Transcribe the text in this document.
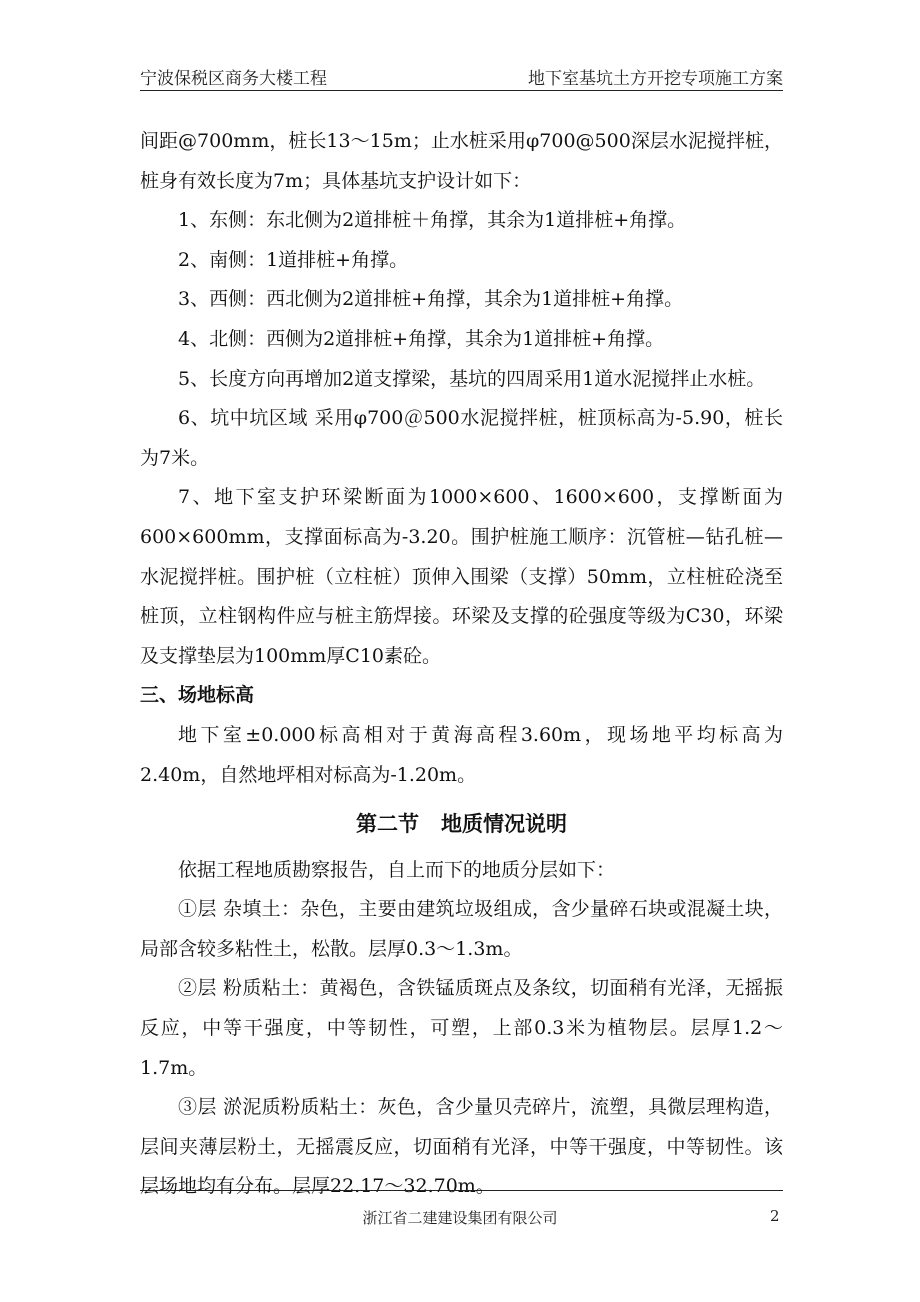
宁波保税区商务大楼工程	地下室基坑土方开挖专项施工方案

间距@700mm，桩长13～15m；止水桩采用φ700@500深层水泥搅拌桩，桩身有效长度为7m；具体基坑支护设计如下：

1、东侧：东北侧为2道排桩＋角撑，其余为1道排桩+角撑。

2、南侧：1道排桩+角撑。

3、西侧：西北侧为2道排桩+角撑，其余为1道排桩+角撑。

4、北侧：西侧为2道排桩+角撑，其余为1道排桩+角撑。

5、长度方向再增加2道支撑梁，基坑的四周采用1道水泥搅拌止水桩。

6、坑中坑区域 采用φ700＠500水泥搅拌桩，桩顶标高为-5.90，桩长为7米。

7、地下室支护环梁断面为1000×600、1600×600，支撑断面为600×600mm，支撑面标高为-3.20。围护桩施工顺序：沉管桩—钻孔桩—水泥搅拌桩。围护桩（立柱桩）顶伸入围梁（支撑）50mm，立柱桩砼浇至桩顶，立柱钢构件应与桩主筋焊接。环梁及支撑的砼强度等级为C30，环梁及支撑垫层为100mm厚C10素砼。

三、场地标高

地下室±0.000标高相对于黄海高程3.60m，现场地平均标高为2.40m，自然地坪相对标高为-1.20m。

第二节 地质情况说明

依据工程地质勘察报告，自上而下的地质分层如下：

①层 杂填土：杂色，主要由建筑垃圾组成，含少量碎石块或混凝土块，局部含较多粘性土，松散。层厚0.3～1.3m。

②层 粉质粘土：黄褐色，含铁锰质斑点及条纹，切面稍有光泽，无摇振反应，中等干强度，中等韧性，可塑，上部0.3米为植物层。层厚1.2～1.7m。

③层 淤泥质粉质粘土：灰色，含少量贝壳碎片，流塑，具微层理构造，层间夹薄层粉土，无摇震反应，切面稍有光泽，中等干强度，中等韧性。该层场地均有分布。层厚22.17～32.70m。

浙江省二建建设集团有限公司	2
